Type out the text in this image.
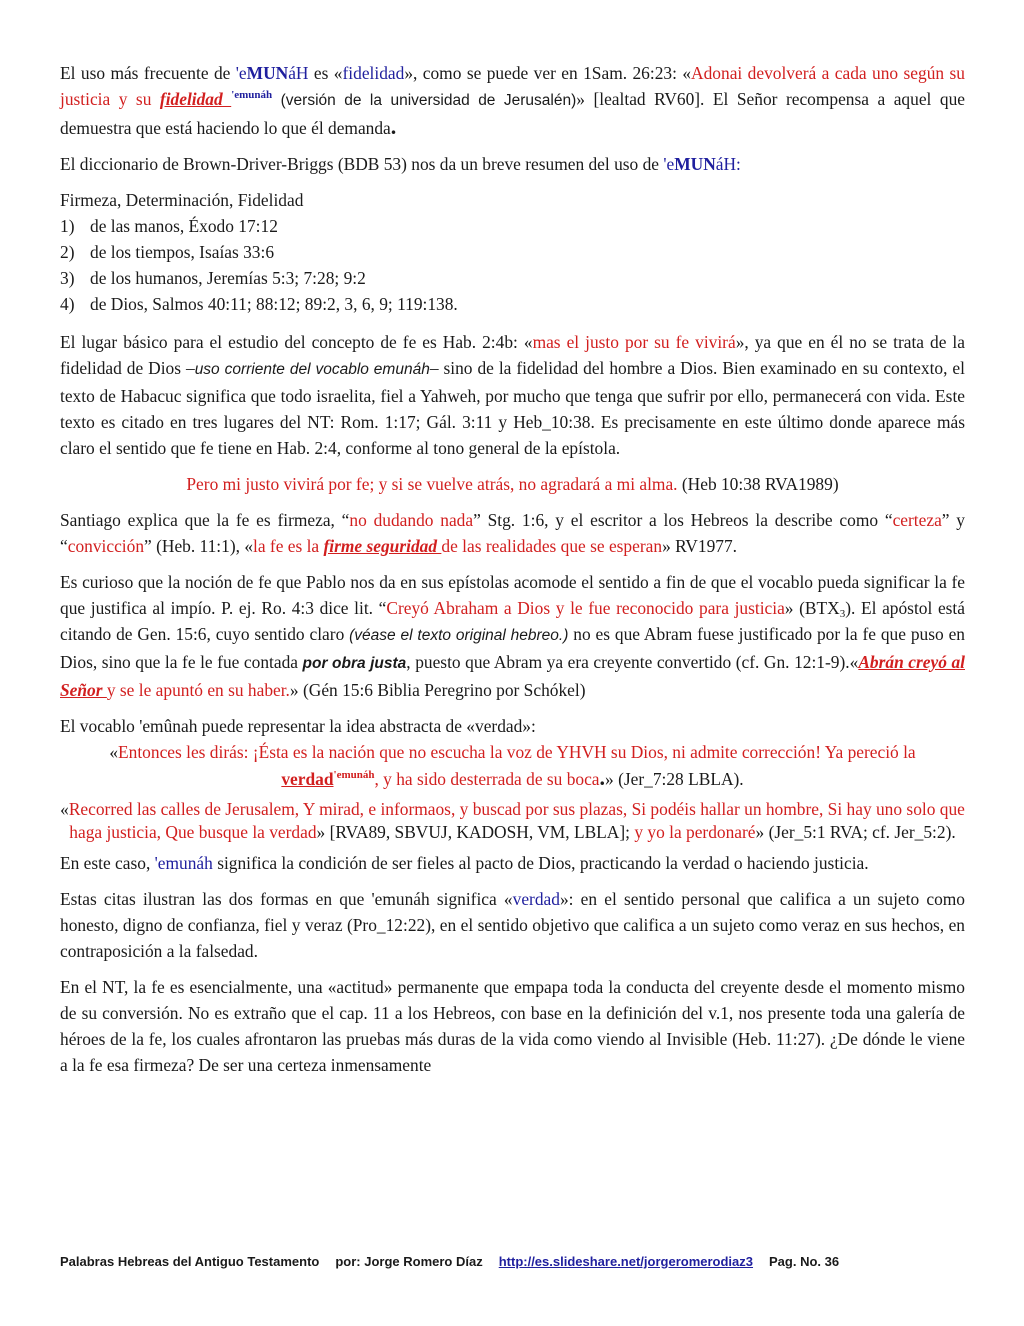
El uso más frecuente de 'eMUNáH es «fidelidad», como se puede ver en 1Sam. 26:23: «Adonai devolverá a cada uno según su justicia y su fidelidad $^{'emunáh}$ (versión de la universidad de Jerusalén)» [lealtad RV60]. El Señor recompensa a aquel que demuestra que está haciendo lo que él demanda.

El diccionario de Brown-Driver-Briggs (BDB 53) nos da un breve resumen del uso de 'eMUNáH:

Firmeza, Determinación, Fidelidad
1) de las manos, Éxodo 17:12
2) de los tiempos, Isaías 33:6
3) de los humanos, Jeremías 5:3; 7:28; 9:2
4) de Dios, Salmos 40:11; 88:12; 89:2, 3, 6, 9; 119:138.

El lugar básico para el estudio del concepto de fe es Hab. 2:4b: «mas el justo por su fe vivirá», ya que en él no se trata de la fidelidad de Dios –uso corriente del vocablo emunáh– sino de la fidelidad del hombre a Dios. Bien examinado en su contexto, el texto de Habacuc significa que todo israelita, fiel a Yahweh, por mucho que tenga que sufrir por ello, permanecerá con vida. Este texto es citado en tres lugares del NT: Rom. 1:17; Gál. 3:11 y Heb_10:38. Es precisamente en este último donde aparece más claro el sentido que fe tiene en Hab. 2:4, conforme al tono general de la epístola.

Pero mi justo vivirá por fe; y si se vuelve atrás, no agradará a mi alma. (Heb 10:38 RVA1989)

Santiago explica que la fe es firmeza, “no dudando nada” Stg. 1:6, y el escritor a los Hebreos la describe como “certeza” y “convicción” (Heb. 11:1), «la fe es la firme seguridad de las realidades que se esperan» RV1977.

Es curioso que la noción de fe que Pablo nos da en sus epístolas acomode el sentido a fin de que el vocablo pueda significar la fe que justifica al impío. P. ej. Ro. 4:3 dice lit. “Creyó Abraham a Dios y le fue reconocido para justicia» $(BTX_3)$. El apóstol está citando de Gen. 15:6, cuyo sentido claro (véase el texto original hebreo.) no es que Abram fuese justificado por la fe que puso en Dios, sino que la fe le fue contada por obra justa, puesto que Abram ya era creyente convertido (cf. Gn. 12:1-9).«Abrán creyó al Señor y se le apuntó en su haber.» (Gén 15:6 Biblia Peregrino por Schókel)

El vocablo 'emûnah puede representar la idea abstracta de «verdad»:

«Entonces les dirás: ¡Ésta es la nación que no escucha la voz de YHVH su Dios, ni admite corrección! Ya pereció la verdad$^{'emunáh}$, y ha sido desterrada de su boca.» (Jer_7:28 LBLA).

«Recorred las calles de Jerusalem, Y mirad, e informaos, y buscad por sus plazas, Si podéis hallar un hombre, Si hay uno solo que haga justicia, Que busque la verdad» [RVA89, SBVUJ, KADOSH, VM, LBLA]; y yo la perdonaré» (Jer_5:1 RVA; cf. Jer_5:2).

En este caso, 'emunáh significa la condición de ser fieles al pacto de Dios, practicando la verdad o haciendo justicia.

Estas citas ilustran las dos formas en que 'emunáh significa «verdad»: en el sentido personal que califica a un sujeto como honesto, digno de confianza, fiel y veraz (Pro_12:22), en el sentido objetivo que califica a un sujeto como veraz en sus hechos, en contraposición a la falsedad.

En el NT, la fe es esencialmente, una «actitud» permanente que empapa toda la conducta del creyente desde el momento mismo de su conversión. No es extraño que el cap. 11 a los Hebreos, con base en la definición del v.1, nos presente toda una galería de héroes de la fe, los cuales afrontaron las pruebas más duras de la vida como viendo al Invisible (Heb. 11:27). ¿De dónde le viene a la fe esa firmeza? De ser una certeza inmensamente

Palabras Hebreas del Antiguo Testamento por: Jorge Romero Díaz http://es.slideshare.net/jorgeromerodiaz3 Pag. No. 36
